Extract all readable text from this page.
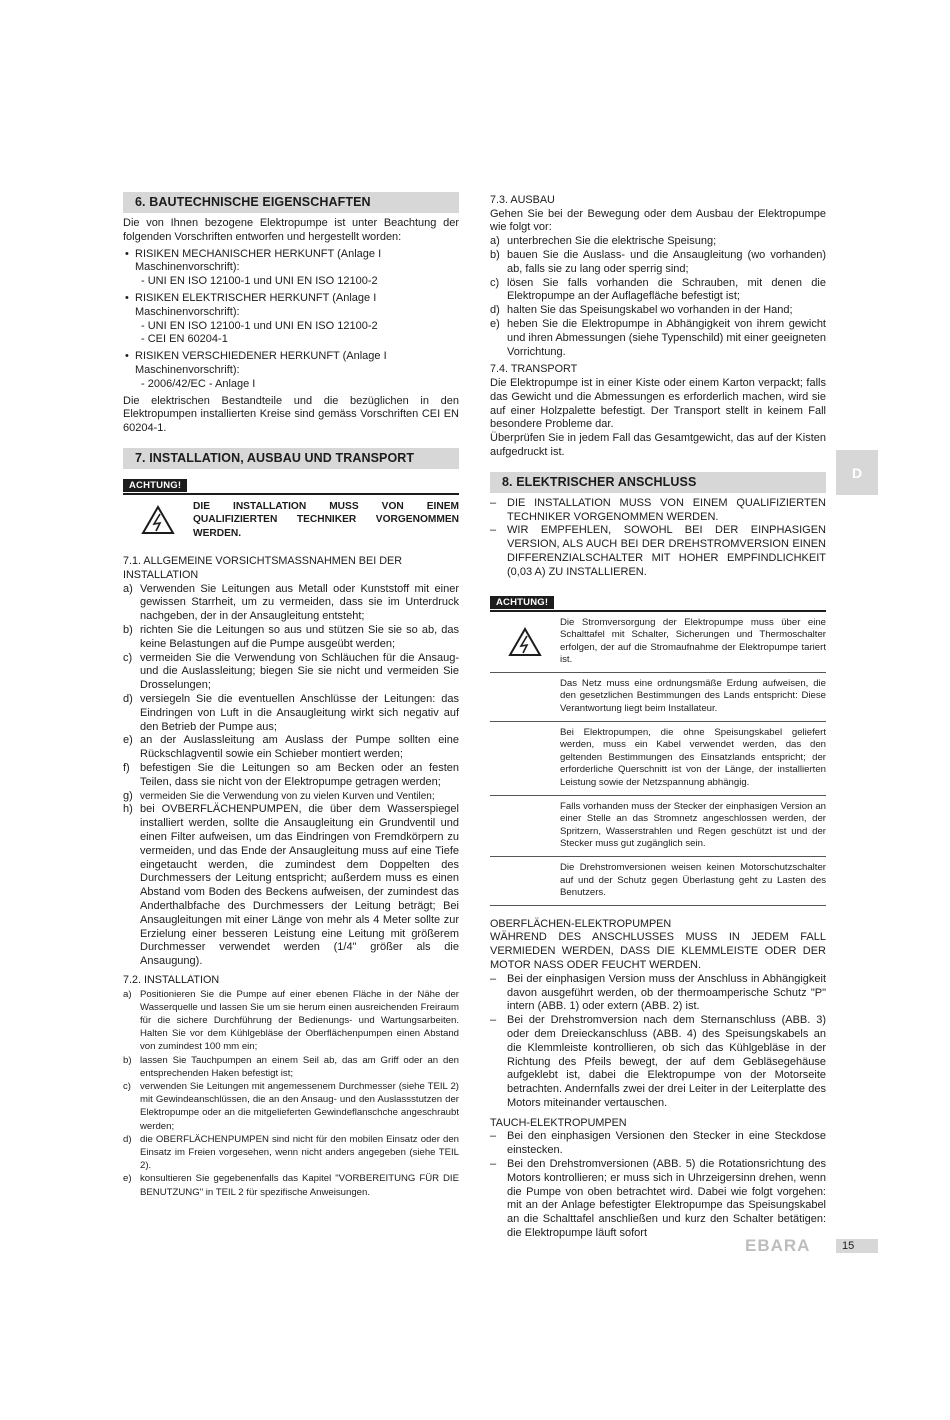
6. BAUTECHNISCHE EIGENSCHAFTEN

Die von Ihnen bezogene Elektropumpe ist unter Beachtung der folgenden Vorschriften entworfen und hergestellt worden:

• RISIKEN MECHANISCHER HERKUNFT (Anlage I Maschinenvorschrift):
- UNI EN ISO 12100-1 und UNI EN ISO 12100-2
• RISIKEN ELEKTRISCHER HERKUNFT (Anlage I Maschinenvorschrift):
- UNI EN ISO 12100-1 und UNI EN ISO 12100-2
- CEI EN 60204-1
• RISIKEN VERSCHIEDENER HERKUNFT (Anlage I Maschinenvorschrift):
- 2006/42/EC - Anlage I

Die elektrischen Bestandteile und die bezüglichen in den Elektropumpen installierten Kreise sind gemäss Vorschriften CEI EN 60204-1.

7. INSTALLATION, AUSBAU UND TRANSPORT
ACHTUNG!
DIE INSTALLATION MUSS VON EINEM QUALIFIZIERTEN TECHNIKER VORGENOMMEN WERDEN.
7.1. ALLGEMEINE VORSICHTSMASSNAHMEN BEI DER INSTALLATION
a) Verwenden Sie Leitungen aus Metall oder Kunststoff mit einer gewissen Starrheit, um zu vermeiden, dass sie im Unterdruck nachgeben, der in der Ansaugleitung entsteht;
b) richten Sie die Leitungen so aus und stützen Sie sie so ab, das keine Belastungen auf die Pumpe ausgeübt werden;
c) vermeiden Sie die Verwendung von Schläuchen für die Ansaug- und die Auslassleitung; biegen Sie sie nicht und vermeiden Sie Drosselungen;
d) versiegeln Sie die eventuellen Anschlüsse der Leitungen: das Eindringen von Luft in die Ansaugleitung wirkt sich negativ auf den Betrieb der Pumpe aus;
e) an der Auslassleitung am Auslass der Pumpe sollten eine Rückschlagventil sowie ein Schieber montiert werden;
f) befestigen Sie die Leitungen so am Becken oder an festen Teilen, dass sie nicht von der Elektropumpe getragen werden;
g) vermeiden Sie die Verwendung von zu vielen Kurven und Ventilen;
h) bei OVBERFLÄCHENPUMPEN, die über dem Wasserspiegel installiert werden, sollte die Ansaugleitung ein Grundventil und einen Filter aufweisen, um das Eindringen von Fremdkörpern zu vermeiden, und das Ende der Ansaugleitung muss auf eine Tiefe eingetaucht werden, die zumindest dem Doppelten des Durchmessers der Leitung entspricht; außerdem muss es einen Abstand vom Boden des Beckens aufweisen, der zumindest das Anderthalbfache des Durchmessers der Leitung beträgt; Bei Ansaugleitungen mit einer Länge von mehr als 4 Meter sollte zur Erzielung einer besseren Leistung eine Leitung mit größerem Durchmesser verwendet werden (1/4" größer als die Ansaugung).
7.2. INSTALLATION
a) Positionieren Sie die Pumpe auf einer ebenen Fläche in der Nähe der Wasserquelle und lassen Sie um sie herum einen ausreichenden Freiraum für die sichere Durchführung der Bedienungs- und Wartungsarbeiten. Halten Sie vor dem Kühlgebläse der Oberflächenpumpen einen Abstand von zumindest 100 mm ein;
b) lassen Sie Tauchpumpen an einem Seil ab, das am Griff oder an den entsprechenden Haken befestigt ist;
c) verwenden Sie Leitungen mit angemessenem Durchmesser (siehe TEIL 2) mit Gewindeanschlüssen, die an den Ansaug- und den Auslassstutzen der Elektropumpe oder an die mitgelieferten Gewindeflanschche angeschraubt werden;
d) die OBERFLÄCHENPUMPEN sind nicht für den mobilen Einsatz oder den Einsatz im Freien vorgesehen, wenn nicht anders angegeben (siehe TEIL 2).
e) konsultieren Sie gegebenenfalls das Kapitel "VORBEREITUNG FÜR DIE BENUTZUNG" in TEIL 2 für spezifische Anweisungen.
7.3. AUSBAU

Gehen Sie bei der Bewegung oder dem Ausbau der Elektropumpe wie folgt vor:

a) unterbrechen Sie die elektrische Speisung;
b) bauen Sie die Auslass- und die Ansaugleitung (wo vorhanden) ab, falls sie zu lang oder sperrig sind;
c) lösen Sie falls vorhanden die Schrauben, mit denen die Elektropumpe an der Auflagefläche befestigt ist;
d) halten Sie das Speisungskabel wo vorhanden in der Hand;
e) heben Sie die Elektropumpe in Abhängigkeit von ihrem gewicht und ihren Abmessungen (siehe Typenschild) mit einer geeigneten Vorrichtung.
7.4. TRANSPORT

Die Elektropumpe ist in einer Kiste oder einem Karton verpackt; falls das Gewicht und die Abmessungen es erforderlich machen, wird sie auf einer Holzpalette befestigt. Der Transport stellt in keinem Fall besondere Probleme dar.

Überprüfen Sie in jedem Fall das Gesamtgewicht, das auf der Kisten aufgedruckt ist.

8. ELEKTRISCHER ANSCHLUSS
– DIE INSTALLATION MUSS VON EINEM QUALIFIZIERTEN TECHNIKER VORGENOMMEN WERDEN.
– WIR EMPFEHLEN, SOWOHL BEI DER EINPHASIGEN VERSION, ALS AUCH BEI DER DREHSTROMVERSION EINEN DIFFERENZIALSCHALTER MIT HOHER EMPFINDLICHKEIT (0,03 A) ZU INSTALLIEREN.
ACHTUNG!
Die Stromversorgung der Elektropumpe muss über eine Schalttafel mit Schalter, Sicherungen und Thermoschalter erfolgen, der auf die Stromaufnahme der Elektropumpe tariert ist.
Das Netz muss eine ordnungsmäße Erdung aufweisen, die den gesetzlichen Bestimmungen des Lands entspricht: Diese Verantwortung liegt beim Installateur.
Bei Elektropumpen, die ohne Speisungskabel geliefert werden, muss ein Kabel verwendet werden, das den geltenden Bestimmungen des Einsatzlands entspricht; der erforderliche Querschnitt ist von der Länge, der installierten Leistung sowie der Netzspannung abhängig.
Falls vorhanden muss der Stecker der einphasigen Version an einer Stelle an das Stromnetz angeschlossen werden, der Spritzern, Wasserstrahlen und Regen geschützt ist und der Stecker muss gut zugänglich sein.
Die Drehstromversionen weisen keinen Motorschutzschalter auf und der Schutz gegen Überlastung geht zu Lasten des Benutzers.
OBERFLÄCHEN-ELEKTROPUMPEN

WÄHREND DES ANSCHLUSSES MUSS IN JEDEM FALL VERMIEDEN WERDEN, DASS DIE KLEMMLEISTE ODER DER MOTOR NASS ODER FEUCHT WERDEN.

– Bei der einphasigen Version muss der Anschluss in Abhängigkeit davon ausgeführt werden, ob der thermoamperische Schutz "P" intern (ABB. 1) oder extern (ABB. 2) ist.
– Bei der Drehstromversion nach dem Sternanschluss (ABB. 3) oder dem Dreieckanschluss (ABB. 4) des Speisungskabels an die Klemmleiste kontrollieren, ob sich das Kühlgebläse in der Richtung des Pfeils bewegt, der auf dem Gebläsegehäuse aufgeklebt ist, dabei die Elektropumpe von der Motorseite betrachten. Andernfalls zwei der drei Leiter in der Leiterplatte des Motors miteinander vertauschen.
TAUCH-ELEKTROPUMPEN
– Bei den einphasigen Versionen den Stecker in eine Steckdose einstecken.
– Bei den Drehstromversionen (ABB. 5) die Rotationsrichtung des Motors kontrollieren; er muss sich in Uhrzeigersinn drehen, wenn die Pumpe von oben betrachtet wird. Dabei wie folgt vorgehen: mit an der Anlage befestigter Elektropumpe das Speisungskabel an die Schalttafel anschließen und kurz den Schalter betätigen: die Elektropumpe läuft sofort
D
EBARA	15
